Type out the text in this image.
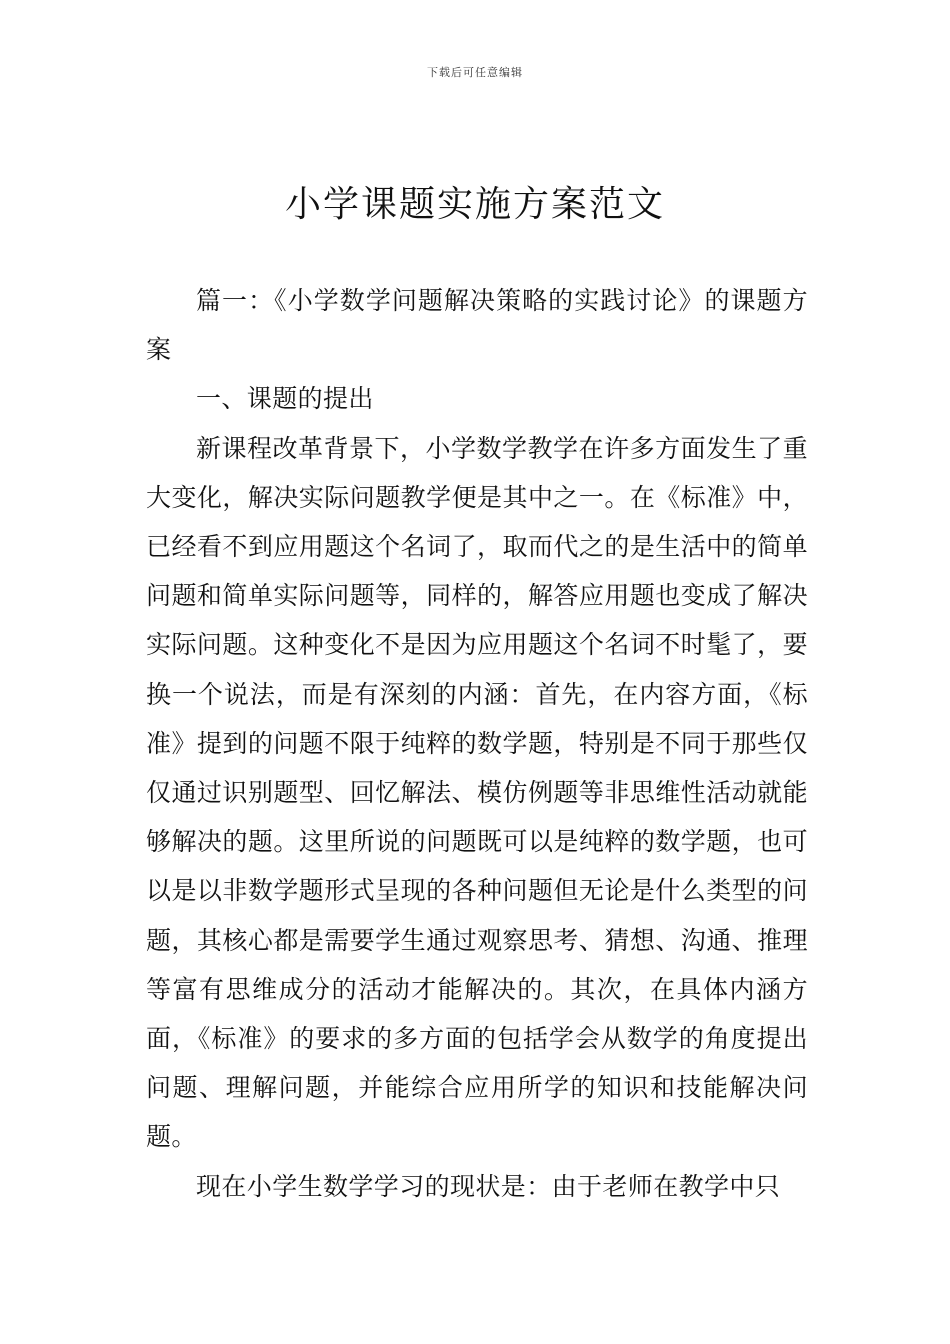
下载后可任意编辑
小学课题实施方案范文

篇一：《小学数学问题解决策略的实践讨论》的课题方案

一、课题的提出

新课程改革背景下，小学数学教学在许多方面发生了重大变化，解决实际问题教学便是其中之一。在《标准》中，已经看不到应用题这个名词了，取而代之的是生活中的简单问题和简单实际问题等，同样的，解答应用题也变成了解决实际问题。这种变化不是因为应用题这个名词不时髦了，要换一个说法，而是有深刻的内涵：首先，在内容方面，《标准》提到的问题不限于纯粹的数学题，特别是不同于那些仅仅通过识别题型、回忆解法、模仿例题等非思维性活动就能够解决的题。这里所说的问题既可以是纯粹的数学题，也可以是以非数学题形式呈现的各种问题但无论是什么类型的问题，其核心都是需要学生通过观察思考、猜想、沟通、推理等富有思维成分的活动才能解决的。其次，在具体内涵方面，《标准》的要求的多方面的包括学会从数学的角度提出问题、理解问题，并能综合应用所学的知识和技能解决问题。

现在小学生数学学习的现状是：由于老师在教学中只
